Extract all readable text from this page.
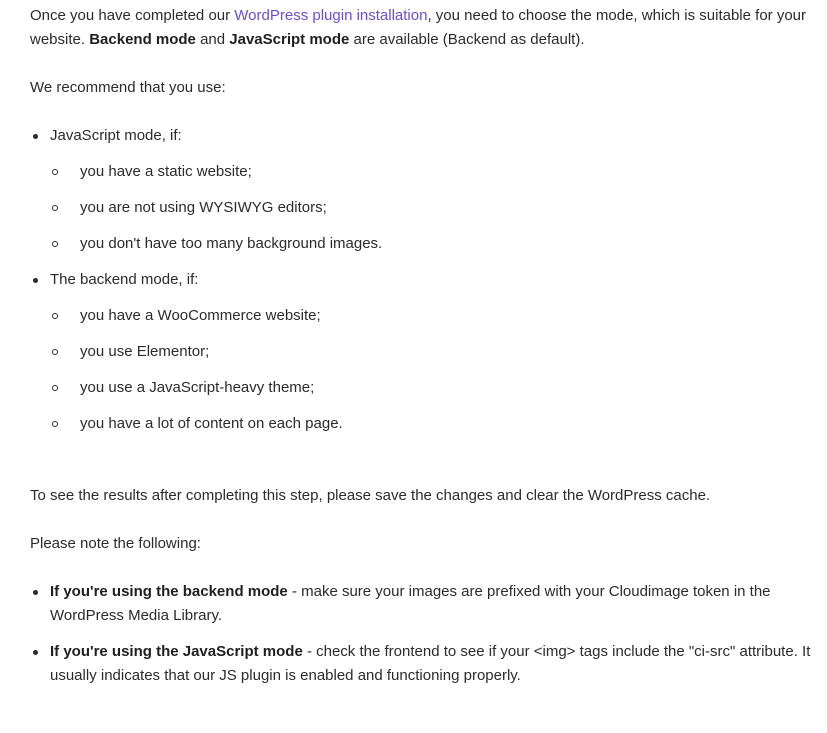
Once you have completed our WordPress plugin installation, you need to choose the mode, which is suitable for your website. Backend mode and JavaScript mode are available (Backend as default).

We recommend that you use:

JavaScript mode, if:
you have a static website;
you are not using WYSIWYG editors;
you don't have too many background images.
The backend mode, if:
you have a WooCommerce website;
you use Elementor;
you use a JavaScript-heavy theme;
you have a lot of content on each page.

To see the results after completing this step, please save the changes and clear the WordPress cache.

Please note the following:

If you're using the backend mode - make sure your images are prefixed with your Cloudimage token in the WordPress Media Library.
If you're using the JavaScript mode - check the frontend to see if your <img> tags include the "ci-src" attribute. It usually indicates that our JS plugin is enabled and functioning properly.
